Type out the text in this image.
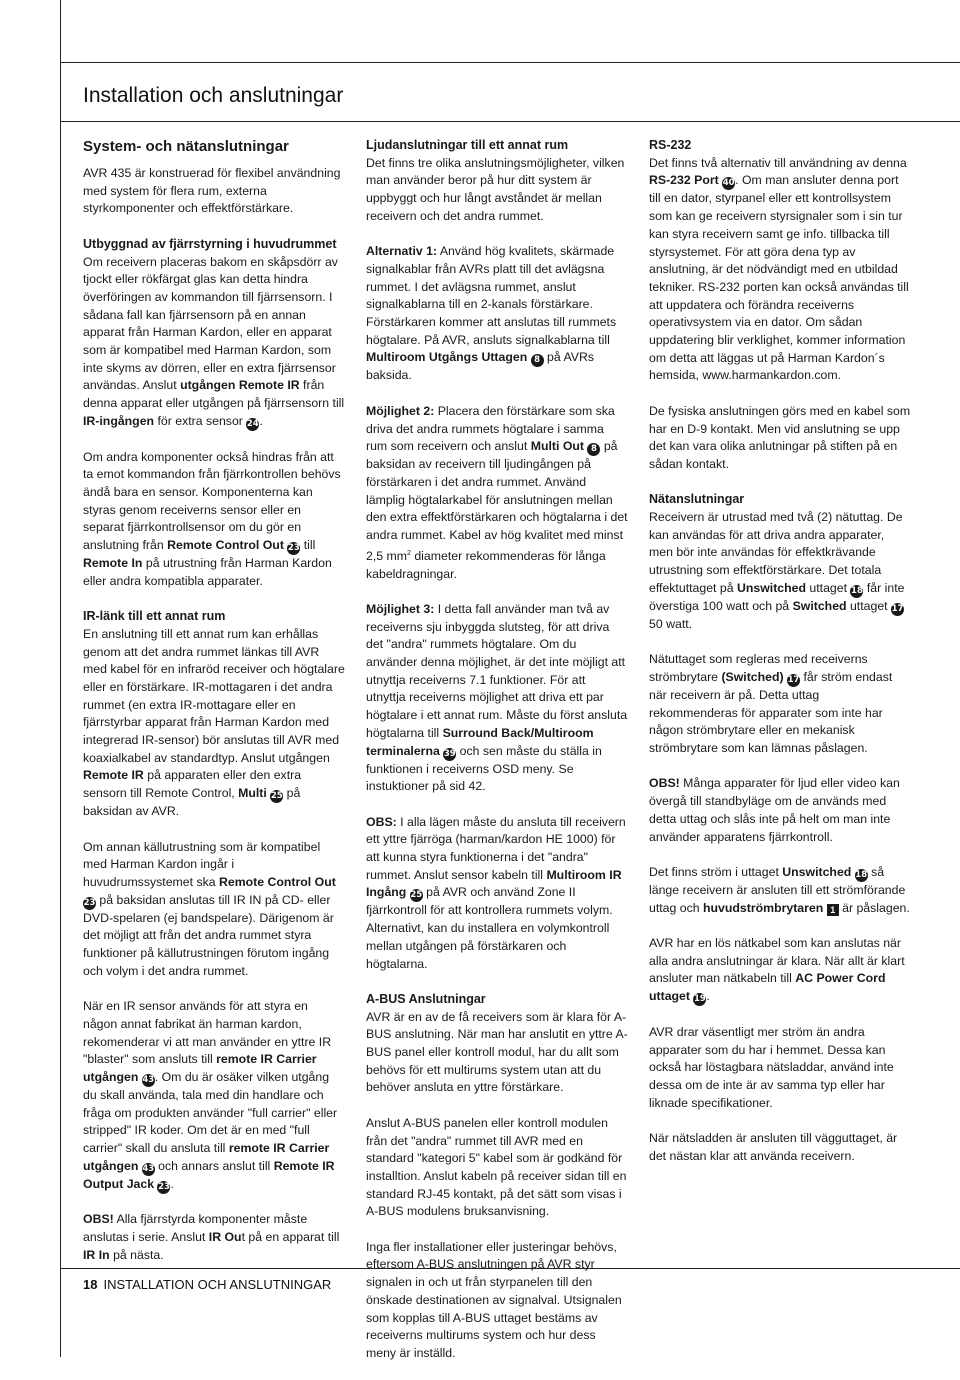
Installation och anslutningar
System- och nätanslutningar

AVR 435 är konstruerad för flexibel användning med system för flera rum, externa styrkomponenter och effektförstärkare.

Utbyggnad av fjärrstyrning i huvudrummet

Om receivern placeras bakom en skåpsdörr av tjockt eller rökfärgat glas kan detta hindra överföringen av kommandon till fjärrsensorn. I sådana fall kan fjärrsensorn på en annan apparat från Harman Kardon, eller en apparat som är kompatibel med Harman Kardon, som inte skyms av dörren, eller en extra fjärrsensor användas. Anslut utgången Remote IR från denna apparat eller utgången på fjärrsensorn till IR-ingången för extra sensor 24.

Om andra komponenter också hindras från att ta emot kommandon från fjärrkontrollen behövs ändå bara en sensor. Komponenterna kan styras genom receiverns sensor eller en separat fjärrkontrollsensor om du gör en anslutning från Remote Control Out 23 till Remote In på utrustning från Harman Kardon eller andra kompatibla apparater.

IR-länk till ett annat rum

En anslutning till ett annat rum kan erhållas genom att det andra rummet länkas till AVR med kabel för en infraröd receiver och högtalare eller en förstärkare. IR-mottagaren i det andra rummet (en extra IR-mottagare eller en fjärrstyrbar apparat från Harman Kardon med integrerad IR-sensor) bör anslutas till AVR med koaxialkabel av standardtyp. Anslut utgången Remote IR på apparaten eller den extra sensorn till Remote Control, Multi 25 på baksidan av AVR.

Om annan källutrustning som är kompatibel med Harman Kardon ingår i huvudrumssystemet ska Remote Control Out 23 på baksidan anslutas till IR IN på CD- eller DVD-spelaren (ej bandspelare). Därigenom är det möjligt att från det andra rummet styra funktioner på källutrustningen förutom ingång och volym i det andra rummet.

När en IR sensor används för att styra en någon annat fabrikat än harman kardon, rekomenderar vi att man använder en yttre IR "blaster" som ansluts till remote IR Carrier utgången 43. Om du är osäker vilken utgång du skall använda, tala med din handlare och fråga om produkten använder "full carrier" eller stripped" IR koder. Om det är en med "full carrier" skall du ansluta till remote IR Carrier utgången 43 och annars anslut till Remote IR Output Jack 23.

OBS! Alla fjärrstyrda komponenter måste anslutas i serie. Anslut IR Out på en apparat till IR In på nästa.

Ljudanslutningar till ett annat rum

Det finns tre olika anslutningsmöjligheter, vilken man använder beror på hur ditt system är uppbyggt och hur långt avståndet är mellan receivern och det andra rummet.

Alternativ 1: Använd hög kvalitets, skärmade signalkablar från AVRs platt till det avlägsna rummet. I det avlägsna rummet, anslut signalkablarna till en 2-kanals förstärkare. Förstärkaren kommer att anslutas till rummets högtalare. På AVR, ansluts signalkablarna till Multiroom Utgångs Uttagen 8 på AVRs baksida.

Möjlighet 2: Placera den förstärkare som ska driva det andra rummets högtalare i samma rum som receivern och anslut Multi Out 8 på baksidan av receivern till ljudingången på förstärkaren i det andra rummet. Använd lämplig högtalarkabel för anslutningen mellan den extra effektförstärkaren och högtalarna i det andra rummet. Kabel av hög kvalitet med minst 2,5 $mm^2$ diameter rekommenderas för långa kabeldragningar.

Möjlighet 3: I detta fall använder man två av receiverns sju inbyggda slutsteg, för att driva det "andra" rummets högtalare. Om du använder denna möjlighet, är det inte möjligt att utnyttja receiverns 7.1 funktioner. För att utnyttja receiverns möjlighet att driva ett par högtalare i ett annat rum. Måste du först ansluta högtalarna till Surround Back/Multiroom terminalerna 39 och sen måste du ställa in funktionen i receiverns OSD meny. Se instuktioner på sid 42.

OBS: I alla lägen måste du ansluta till receivern ett yttre fjärröga (harman/kardon HE 1000) för att kunna styra funktionerna i det "andra" rummet. Anslut sensor kabeln till Multiroom IR Ingång 25 på AVR och använd Zone II fjärrkontroll för att kontrollera rummets volym. Alternativt, kan du installera en volymkontroll mellan utgången på förstärkaren och högtalarna.

A-BUS Anslutningar

AVR är en av de få receivers som är klara för A-BUS anslutning. När man har anslutit en yttre A-BUS panel eller kontroll modul, har du allt som behövs för ett multirums system utan att du behöver ansluta en yttre förstärkare.

Anslut A-BUS panelen eller kontroll modulen från det "andra" rummet till AVR med en standard "kategori 5" kabel som är godkänd för installtion. Anslut kabeln på receiver sidan till en standard RJ-45 kontakt, på det sätt som visas i A-BUS modulens bruksanvisning.

Inga fler installationer eller justeringar behövs, eftersom A-BUS anslutningen på AVR styr signalen in och ut från styrpanelen till den önskade destinationen av signalval. Utsignalen som kopplas till A-BUS uttaget bestäms av receiverns multirums system och hur dess meny är inställd.

RS-232

Det finns två alternativ till användning av denna RS-232 Port 40. Om man ansluter denna port till en dator, styrpanel eller ett kontrollsystem som kan ge receivern styrsignaler som i sin tur kan styra receivern samt ge info. tillbacka till styrsystemet. För att göra dena typ av anslutning, är det nödvändigt med en utbildad tekniker. RS-232 porten kan också användas till att uppdatera och förändra receiverns operativsystem via en dator. Om sådan uppdatering blir verklighet, kommer information om detta att läggas ut på Harman Kardon´s hemsida, www.harmankardon.com.

De fysiska anslutningen görs med en kabel som har en D-9 kontakt. Men vid anslutning se upp det kan vara olika anlutningar på stiften på en sådan kontakt.

Nätanslutningar

Receivern är utrustad med två (2) nätuttag. De kan användas för att driva andra apparater, men bör inte användas för effektkrävande utrustning som effektförstärkare. Det totala effektuttaget på Unswitched uttaget 18 får inte överstiga 100 watt och på Switched uttaget 17 50 watt.

Nätuttaget som regleras med receiverns strömbrytare (Switched) 17 får ström endast när receivern är på. Detta uttag rekommenderas för apparater som inte har någon strömbrytare eller en mekanisk strömbrytare som kan lämnas påslagen.

OBS! Många apparater för ljud eller video kan övergå till standbyläge om de används med detta uttag och slås inte på helt om man inte använder apparatens fjärrkontroll.

Det finns ström i uttaget Unswitched 18 så länge receivern är ansluten till ett strömförande uttag och huvudströmbrytaren 1 är påslagen.

AVR har en lös nätkabel som kan anslutas när alla andra anslutningar är klara. När allt är klart ansluter man nätkabeln till AC Power Cord uttaget 19.

AVR drar väsentligt mer ström än andra apparater som du har i hemmet. Dessa kan också har löstagbara nätsladdar, använd inte dessa om de inte är av samma typ eller har liknade specifikationer.

När nätsladden är ansluten till vägguttaget, är det nästan klar att använda receivern.

18 INSTALLATION OCH ANSLUTNINGAR
